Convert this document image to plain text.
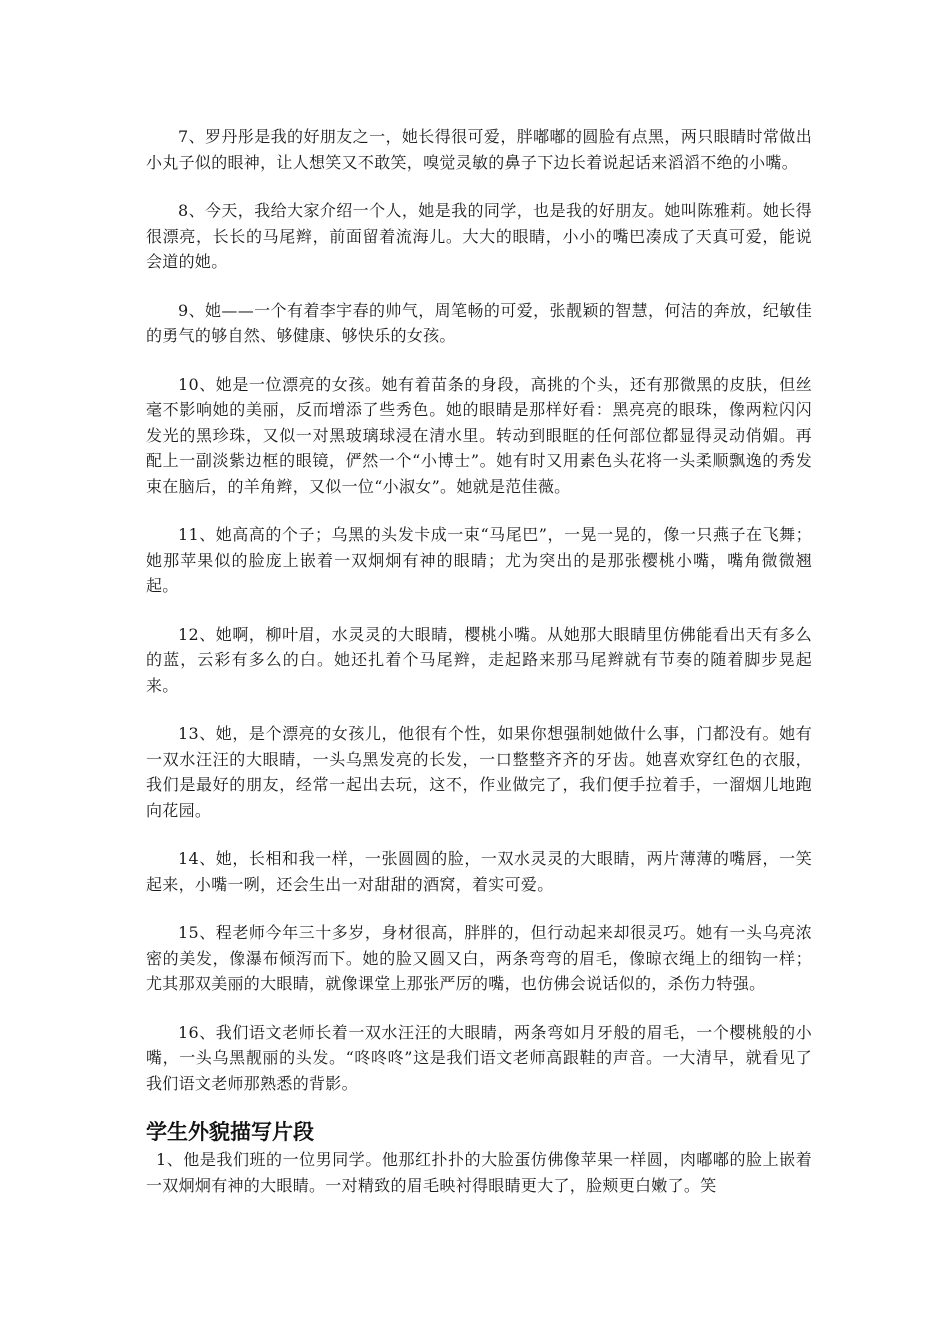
7、罗丹彤是我的好朋友之一，她长得很可爱，胖嘟嘟的圆脸有点黑，两只眼睛时常做出小丸子似的眼神，让人想笑又不敢笑，嗅觉灵敏的鼻子下边长着说起话来滔滔不绝的小嘴。

8、今天，我给大家介绍一个人，她是我的同学，也是我的好朋友。她叫陈雅莉。她长得很漂亮，长长的马尾辫，前面留着流海儿。大大的眼睛，小小的嘴巴凑成了天真可爱，能说会道的她。

9、她——一个有着李宇春的帅气，周笔畅的可爱，张靓颖的智慧，何洁的奔放，纪敏佳的勇气的够自然、够健康、够快乐的女孩。

10、她是一位漂亮的女孩。她有着苗条的身段，高挑的个头，还有那微黑的皮肤，但丝毫不影响她的美丽，反而增添了些秀色。她的眼睛是那样好看：黑亮亮的眼珠，像两粒闪闪发光的黑珍珠，又似一对黑玻璃球浸在清水里。转动到眼眶的任何部位都显得灵动俏媚。再配上一副淡紫边框的眼镜，俨然一个“小博士”。她有时又用素色头花将一头柔顺飘逸的秀发束在脑后，的羊角辫，又似一位“小淑女”。她就是范佳薇。

11、她高高的个子；乌黑的头发卡成一束“马尾巴”，一晃一晃的，像一只燕子在飞舞；她那苹果似的脸庞上嵌着一双炯炯有神的眼睛；尤为突出的是那张樱桃小嘴，嘴角微微翘起。

12、她啊，柳叶眉，水灵灵的大眼睛，樱桃小嘴。从她那大眼睛里仿佛能看出天有多么的蓝，云彩有多么的白。她还扎着个马尾辫，走起路来那马尾辫就有节奏的随着脚步晃起来。

13、她，是个漂亮的女孩儿，他很有个性，如果你想强制她做什么事，门都没有。她有一双水汪汪的大眼睛，一头乌黑发亮的长发，一口整整齐齐的牙齿。她喜欢穿红色的衣服，我们是最好的朋友，经常一起出去玩，这不，作业做完了，我们便手拉着手，一溜烟儿地跑向花园。

14、她，长相和我一样，一张圆圆的脸，一双水灵灵的大眼睛，两片薄薄的嘴唇，一笑起来，小嘴一咧，还会生出一对甜甜的酒窝，着实可爱。

15、程老师今年三十多岁，身材很高，胖胖的，但行动起来却很灵巧。她有一头乌亮浓密的美发，像瀑布倾泻而下。她的脸又圆又白，两条弯弯的眉毛，像晾衣绳上的细钩一样；尤其那双美丽的大眼睛，就像课堂上那张严厉的嘴，也仿佛会说话似的，杀伤力特强。

16、我们语文老师长着一双水汪汪的大眼睛，两条弯如月牙般的眉毛，一个樱桃般的小嘴，一头乌黑靓丽的头发。“咚咚咚”这是我们语文老师高跟鞋的声音。一大清早，就看见了我们语文老师那熟悉的背影。

学生外貌描写片段

1、他是我们班的一位男同学。他那红扑扑的大脸蛋仿佛像苹果一样圆，肉嘟嘟的脸上嵌着一双炯炯有神的大眼睛。一对精致的眉毛映衬得眼睛更大了，脸颊更白嫩了。笑
